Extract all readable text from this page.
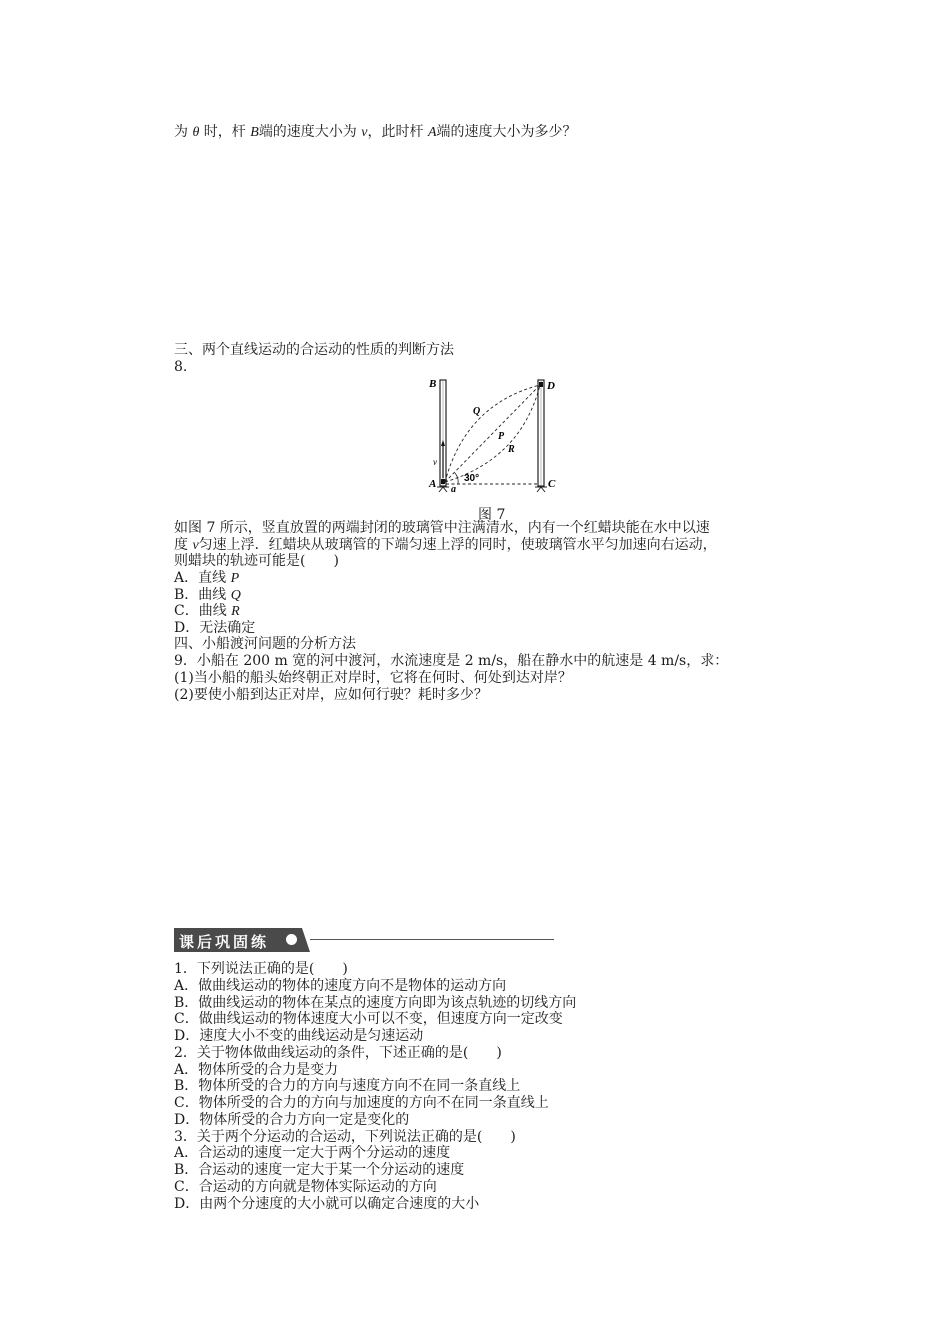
为 θ 时，杆 B端的速度大小为 v，此时杆 A端的速度大小为多少？
三、两个直线运动的合运动的性质的判断方法
8.
B	D
Q
P
R
v
A a
30°	C
图 7
如图 7 所示，竖直放置的两端封闭的玻璃管中注满清水，内有一个红蜡块能在水中以速
度 v匀速上浮．红蜡块从玻璃管的下端匀速上浮的同时，使玻璃管水平匀加速向右运动，
则蜡块的轨迹可能是(　　)
A．直线 P
B．曲线 Q
C．曲线 R
D．无法确定
四、小船渡河问题的分析方法
9．小船在 200 m 宽的河中渡河，水流速度是 2 m/s，船在静水中的航速是 4 m/s，求：
(1)当小船的船头始终朝正对岸时，它将在何时、何处到达对岸？
(2)要使小船到达正对岸，应如何行驶？耗时多少？
课后巩固练
1．下列说法正确的是(　　)
A．做曲线运动的物体的速度方向不是物体的运动方向
B．做曲线运动的物体在某点的速度方向即为该点轨迹的切线方向
C．做曲线运动的物体速度大小可以不变，但速度方向一定改变
D．速度大小不变的曲线运动是匀速运动
2．关于物体做曲线运动的条件，下述正确的是(　　)
A．物体所受的合力是变力
B．物体所受的合力的方向与速度方向不在同一条直线上
C．物体所受的合力的方向与加速度的方向不在同一条直线上
D．物体所受的合力方向一定是变化的
3．关于两个分运动的合运动，下列说法正确的是(　　)
A．合运动的速度一定大于两个分运动的速度
B．合运动的速度一定大于某一个分运动的速度
C．合运动的方向就是物体实际运动的方向
D．由两个分速度的大小就可以确定合速度的大小
